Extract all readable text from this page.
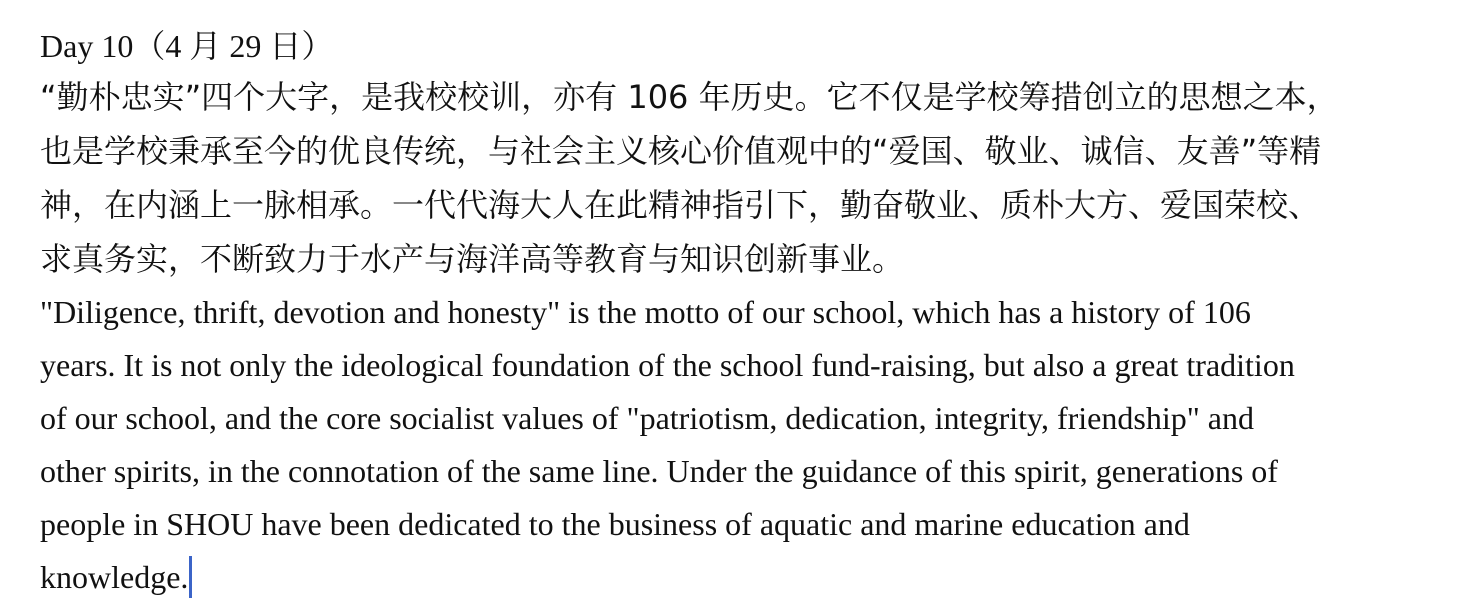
Day 10（4 月 29 日）
“勤朴忠实”四个大字，是我校校训，亦有 106 年历史。它不仅是学校筹措创立的思想之本，
也是学校秉承至今的优良传统，与社会主义核心价值观中的“爱国、敬业、诚信、友善”等精
神，在内涵上一脉相承。一代代海大人在此精神指引下，勤奋敬业、质朴大方、爱国荣校、
求真务实，不断致力于水产与海洋高等教育与知识创新事业。
"Diligence, thrift, devotion and honesty" is the motto of our school, which has a history of 106
years. It is not only the ideological foundation of the school fund-raising, but also a great tradition
of our school, and the core socialist values of "patriotism, dedication, integrity, friendship" and
other spirits, in the connotation of the same line. Under the guidance of this spirit, generations of
people in SHOU have been dedicated to the business of aquatic and marine education and
knowledge.
